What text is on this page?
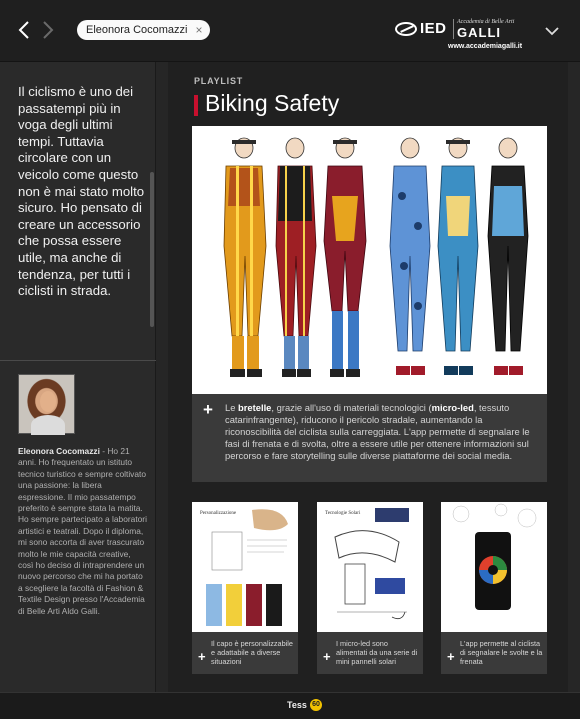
Eleonora Cocomazzi ×	IED Accademia di Belle Arti
GALLI
www.accademiagalli.it
Il ciclismo è uno dei passatempi più in voga degli ultimi tempi. Tuttavia circolare con un veicolo come questo non è mai stato molto sicuro. Ho pensato di creare un accessorio che possa essere utile, ma anche di tendenza, per tutti i ciclisti in strada.
Eleonora Cocomazzi - Ho 21 anni. Ho frequentato un istituto tecnico turistico e sempre coltivato una passione: la libera espressione. Il mio passatempo preferito è sempre stata la matita. Ho sempre partecipato a laboratori artistici e teatrali. Dopo il diploma, mi sono accorta di aver trascurato molto le mie capacità creative, così ho deciso di intraprendere un nuovo percorso che mi ha portato a scegliere la facoltà di Fashion & Textile Design presso l'Accademia di Belle Arti Aldo Galli.
PLAYLIST
Biking Safety
+ Le bretelle, grazie all'uso di materiali tecnologici (micro-led, tessuto catarinfrangente), riducono il pericolo stradale, aumentando la riconoscibilità del ciclista sulla carreggiata. L'app permette di segnalare le fasi di frenata e di svolta, oltre a essere utile per ottenere informazioni sul percorso e fare storytelling sulle diverse piattaforme dei social media.
Personalizzazione
+
Il capo è personalizzabile e adattabile a diverse situazioni
Tecnologie Solari
+
I micro-led sono alimentati da una serie di mini pannelli solari	+
L'app permette al ciclista di segnalare le svolte e la frenata
Tess 60
